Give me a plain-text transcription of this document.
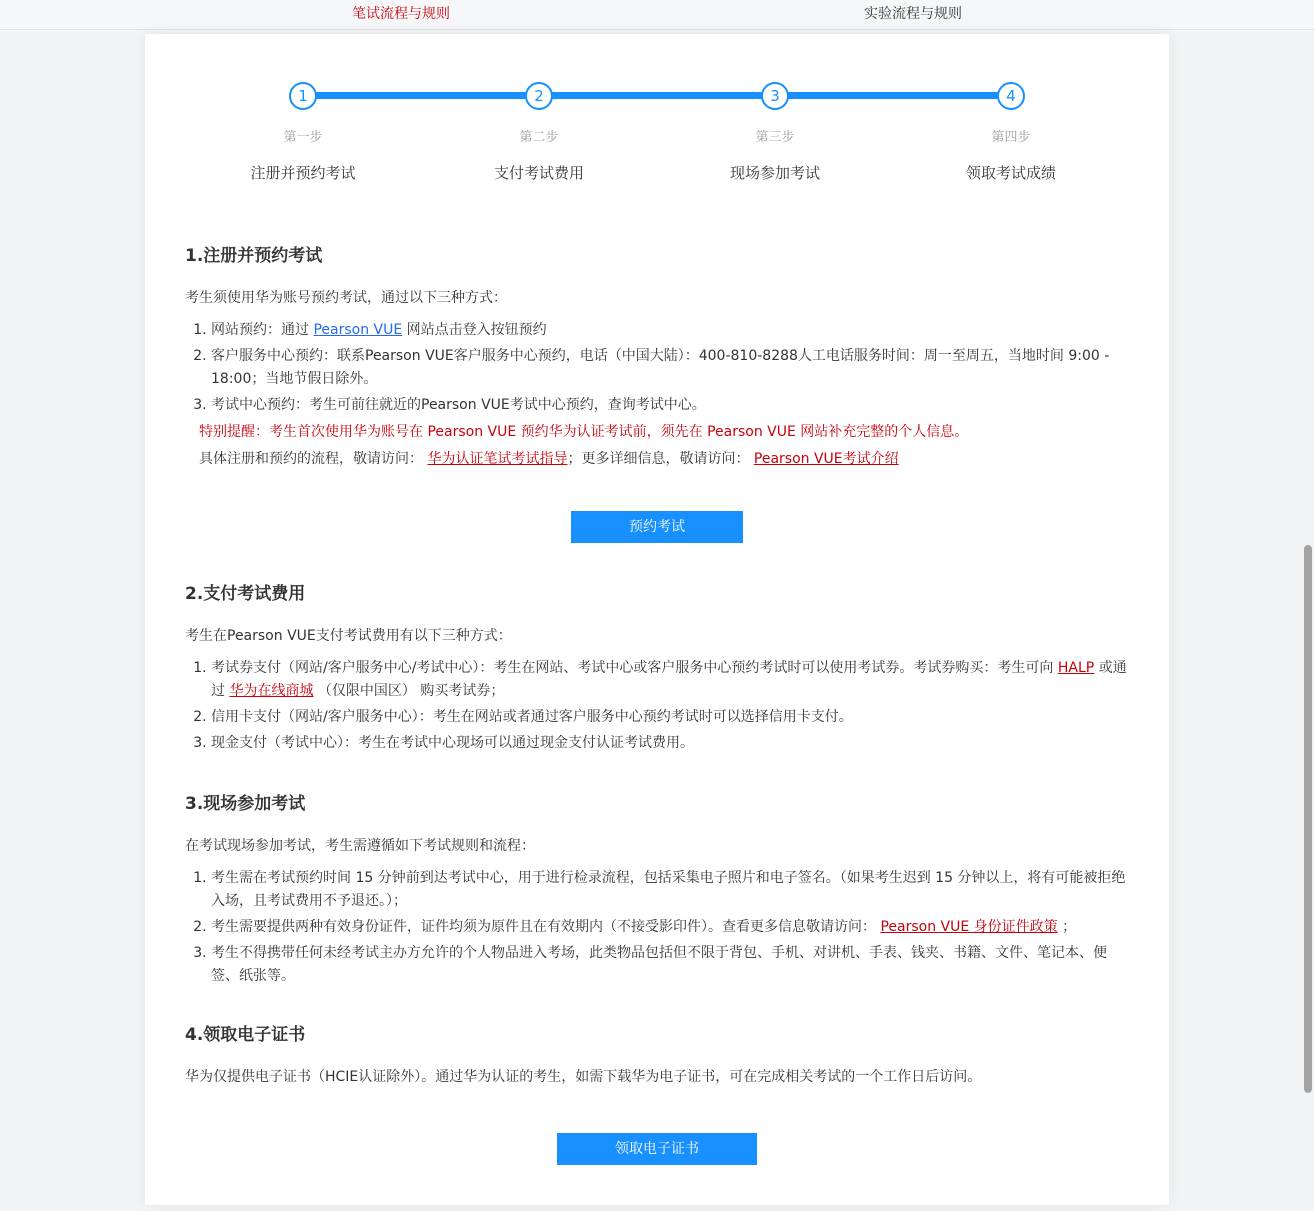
笔试流程与规则	实验流程与规则
1	2	3	4
第一步	第二步	第三步	第四步
注册并预约考试	支付考试费用	现场参加考试	领取考试成绩
1.注册并预约考试

考生须使用华为账号预约考试，通过以下三种方式：

1. 网站预约：通过 Pearson VUE 网站点击登入按钮预约
2. 客户服务中心预约：联系Pearson VUE客户服务中心预约，电话（中国大陆）：400-810-8288人工电话服务时间：周一至周五，当地时间 9:00 - 18:00；当地节假日除外。
3. 考试中心预约：考生可前往就近的Pearson VUE考试中心预约，查询考试中心。
特别提醒：考生首次使用华为账号在 Pearson VUE 预约华为认证考试前，须先在 Pearson VUE 网站补充完整的个人信息。
具体注册和预约的流程，敬请访问： 华为认证笔试考试指导；更多详细信息，敬请访问： Pearson VUE考试介绍
预约考试
2.支付考试费用

考生在Pearson VUE支付考试费用有以下三种方式：

1. 考试券支付（网站/客户服务中心/考试中心）：考生在网站、考试中心或客户服务中心预约考试时可以使用考试券。考试券购买：考生可向 HALP 或通过 华为在线商城 （仅限中国区） 购买考试券；
2. 信用卡支付（网站/客户服务中心）：考生在网站或者通过客户服务中心预约考试时可以选择信用卡支付。
3. 现金支付（考试中心）：考生在考试中心现场可以通过现金支付认证考试费用。
3.现场参加考试

在考试现场参加考试，考生需遵循如下考试规则和流程：

1. 考生需在考试预约时间 15 分钟前到达考试中心，用于进行检录流程，包括采集电子照片和电子签名。（如果考生迟到 15 分钟以上，将有可能被拒绝入场，且考试费用不予退还。）；
2. 考生需要提供两种有效身份证件，证件均须为原件且在有效期内（不接受影印件）。查看更多信息敬请访问： Pearson VUE 身份证件政策 ；
3. 考生不得携带任何未经考试主办方允许的个人物品进入考场，此类物品包括但不限于背包、手机、对讲机、手表、钱夹、书籍、文件、笔记本、便签、纸张等。
4.领取电子证书

华为仅提供电子证书（HCIE认证除外）。通过华为认证的考生，如需下载华为电子证书，可在完成相关考试的一个工作日后访问。

领取电子证书
